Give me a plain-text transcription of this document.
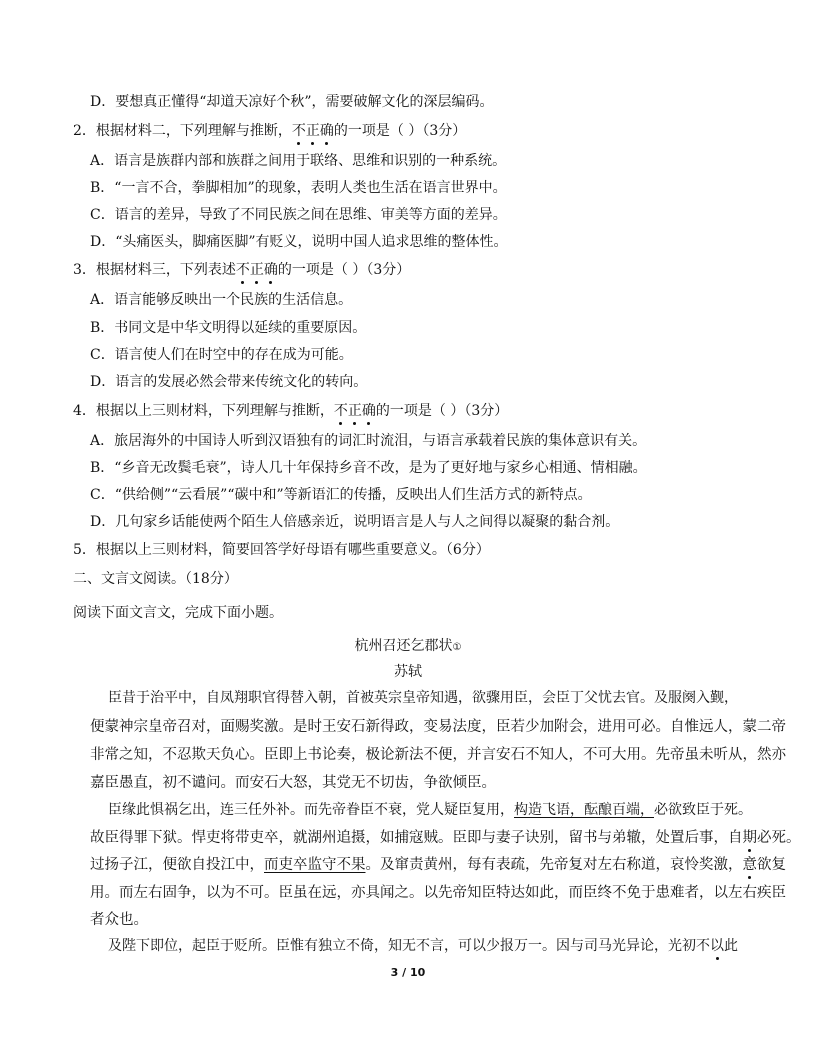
D．要想真正懂得“却道天凉好个秋”，需要破解文化的深层编码。
2．根据材料二，下列理解与推断，不正确的一项是（ ）（3分）
A．语言是族群内部和族群之间用于联络、思维和识别的一种系统。
B．“一言不合，拳脚相加”的现象，表明人类也生活在语言世界中。
C．语言的差异，导致了不同民族之间在思维、审美等方面的差异。
D．“头痛医头，脚痛医脚”有贬义，说明中国人追求思维的整体性。
3．根据材料三，下列表述不正确的一项是（ ）（3分）
A．语言能够反映出一个民族的生活信息。
B．书同文是中华文明得以延续的重要原因。
C．语言使人们在时空中的存在成为可能。
D．语言的发展必然会带来传统文化的转向。
4．根据以上三则材料，下列理解与推断，不正确的一项是（ ）（3分）
A．旅居海外的中国诗人听到汉语独有的词汇时流泪，与语言承载着民族的集体意识有关。
B．“乡音无改鬓毛衰”，诗人几十年保持乡音不改，是为了更好地与家乡心相通、情相融。
C．“供给侧”“云看展”“碳中和”等新语汇的传播，反映出人们生活方式的新特点。
D．几句家乡话能使两个陌生人倍感亲近，说明语言是人与人之间得以凝聚的黏合剂。
5．根据以上三则材料，简要回答学好母语有哪些重要意义。（6分）
二、文言文阅读。（18分）
阅读下面文言文，完成下面小题。
杭州召还乞郡状①
苏轼
臣昔于治平中，自凤翔职官得替入朝，首被英宗皇帝知遇，欲骤用臣，会臣丁父忧去官。及服阕入觐，
便蒙神宗皇帝召对，面赐奖激。是时王安石新得政，变易法度，臣若少加附会，进用可必。自惟远人，蒙二帝
非常之知，不忍欺天负心。臣即上书论奏，极论新法不便，并言安石不知人，不可大用。先帝虽未听从，然亦
嘉臣愚直，初不谴问。而安石大怒，其党无不切齿，争欲倾臣。
臣缘此惧祸乞出，连三任外补。而先帝眷臣不衰，党人疑臣复用，构造飞语，酝酿百端，必欲致臣于死。
故臣得罪下狱。悍吏将带吏卒，就湖州追摄，如捕寇贼。臣即与妻子诀别，留书与弟辙，处置后事，自期必死。
过扬子江，便欲自投江中，而吏卒监守不果。及窜责黄州，每有表疏，先帝复对左右称道，哀怜奖激，意欲复
用。而左右固争，以为不可。臣虽在远，亦具闻之。以先帝知臣特达如此，而臣终不免于患难者，以左右疾臣
者众也。
及陛下即位，起臣于贬所。臣惟有独立不倚，知无不言，可以少报万一。因与司马光异论，光初不以此
3 / 10
